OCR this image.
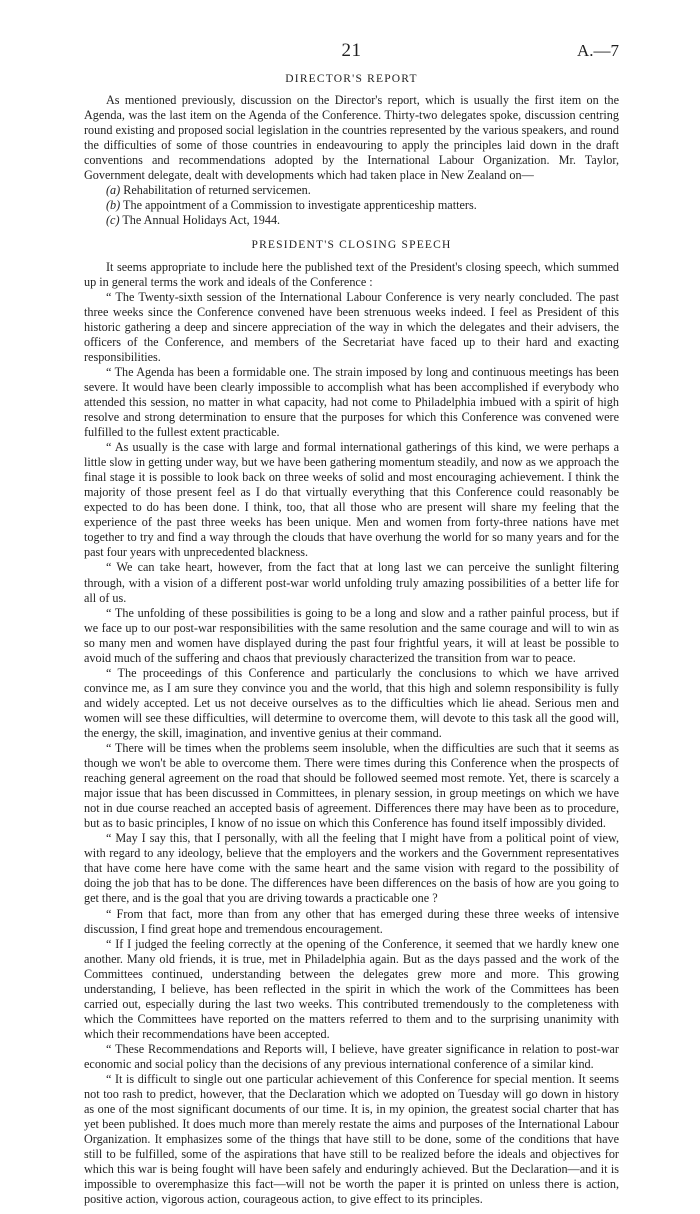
21	A.—7
DIRECTOR'S REPORT

As mentioned previously, discussion on the Director's report, which is usually the first item on the Agenda, was the last item on the Agenda of the Conference. Thirty-two delegates spoke, discussion centring round existing and proposed social legislation in the countries represented by the various speakers, and round the difficulties of some of those countries in endeavouring to apply the principles laid down in the draft conventions and recommendations adopted by the International Labour Organization. Mr. Taylor, Government delegate, dealt with developments which had taken place in New Zealand on—

(a) Rehabilitation of returned servicemen.
(b) The appointment of a Commission to investigate apprenticeship matters.
(c) The Annual Holidays Act, 1944.
PRESIDENT'S CLOSING SPEECH

It seems appropriate to include here the published text of the President's closing speech, which summed up in general terms the work and ideals of the Conference :

“ The Twenty-sixth session of the International Labour Conference is very nearly concluded. The past three weeks since the Conference convened have been strenuous weeks indeed. I feel as President of this historic gathering a deep and sincere appreciation of the way in which the delegates and their advisers, the officers of the Conference, and members of the Secretariat have faced up to their hard and exacting responsibilities.

“ The Agenda has been a formidable one. The strain imposed by long and continuous meetings has been severe. It would have been clearly impossible to accomplish what has been accomplished if everybody who attended this session, no matter in what capacity, had not come to Philadelphia imbued with a spirit of high resolve and strong determination to ensure that the purposes for which this Conference was convened were fulfilled to the fullest extent practicable.

“ As usually is the case with large and formal international gatherings of this kind, we were perhaps a little slow in getting under way, but we have been gathering momentum steadily, and now as we approach the final stage it is possible to look back on three weeks of solid and most encouraging achievement. I think the majority of those present feel as I do that virtually everything that this Conference could reasonably be expected to do has been done. I think, too, that all those who are present will share my feeling that the experience of the past three weeks has been unique. Men and women from forty-three nations have met together to try and find a way through the clouds that have overhung the world for so many years and for the past four years with unprecedented blackness.

“ We can take heart, however, from the fact that at long last we can perceive the sunlight filtering through, with a vision of a different post-war world unfolding truly amazing possibilities of a better life for all of us.

“ The unfolding of these possibilities is going to be a long and slow and a rather painful process, but if we face up to our post-war responsibilities with the same resolution and the same courage and will to win as so many men and women have displayed during the past four frightful years, it will at least be possible to avoid much of the suffering and chaos that previously characterized the transition from war to peace.

“ The proceedings of this Conference and particularly the conclusions to which we have arrived convince me, as I am sure they convince you and the world, that this high and solemn responsibility is fully and widely accepted. Let us not deceive ourselves as to the difficulties which lie ahead. Serious men and women will see these difficulties, will determine to overcome them, will devote to this task all the good will, the energy, the skill, imagination, and inventive genius at their command.

“ There will be times when the problems seem insoluble, when the difficulties are such that it seems as though we won't be able to overcome them. There were times during this Conference when the prospects of reaching general agreement on the road that should be followed seemed most remote. Yet, there is scarcely a major issue that has been discussed in Committees, in plenary session, in group meetings on which we have not in due course reached an accepted basis of agreement. Differences there may have been as to procedure, but as to basic principles, I know of no issue on which this Conference has found itself impossibly divided.

“ May I say this, that I personally, with all the feeling that I might have from a political point of view, with regard to any ideology, believe that the employers and the workers and the Government representatives that have come here have come with the same heart and the same vision with regard to the possibility of doing the job that has to be done. The differences have been differences on the basis of how are you going to get there, and is the goal that you are driving towards a practicable one ?

“ From that fact, more than from any other that has emerged during these three weeks of intensive discussion, I find great hope and tremendous encouragement.

“ If I judged the feeling correctly at the opening of the Conference, it seemed that we hardly knew one another. Many old friends, it is true, met in Philadelphia again. But as the days passed and the work of the Committees continued, understanding between the delegates grew more and more. This growing understanding, I believe, has been reflected in the spirit in which the work of the Committees has been carried out, especially during the last two weeks. This contributed tremendously to the completeness with which the Committees have reported on the matters referred to them and to the surprising unanimity with which their recommendations have been accepted.

“ These Recommendations and Reports will, I believe, have greater significance in relation to post-war economic and social policy than the decisions of any previous international conference of a similar kind.

“ It is difficult to single out one particular achievement of this Conference for special mention. It seems not too rash to predict, however, that the Declaration which we adopted on Tuesday will go down in history as one of the most significant documents of our time. It is, in my opinion, the greatest social charter that has yet been published. It does much more than merely restate the aims and purposes of the International Labour Organization. It emphasizes some of the things that have still to be done, some of the conditions that have still to be fulfilled, some of the aspirations that have still to be realized before the ideals and objectives for which this war is being fought will have been safely and enduringly achieved. But the Declaration—and it is impossible to overemphasize this fact—will not be worth the paper it is printed on unless there is action, positive action, vigorous action, courageous action, to give effect to its principles.
